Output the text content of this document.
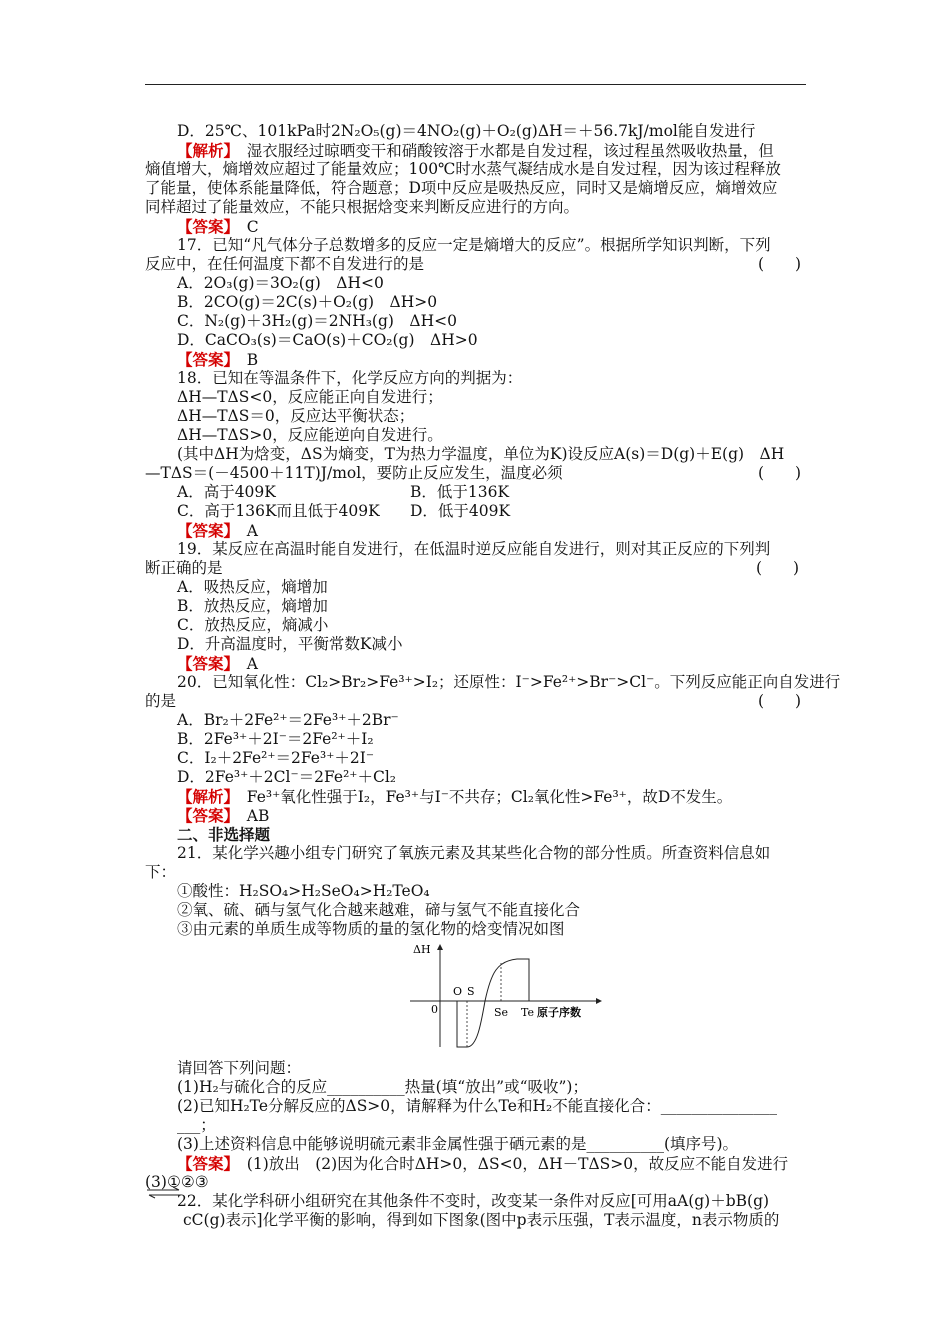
D．25℃、101kPa时2N₂O₅(g)＝4NO₂(g)＋O₂(g)ΔH＝＋56.7kJ/mol能自发进行
【解析】　 湿衣服经过晾晒变干和硝酸铵溶于水都是自发过程，该过程虽然吸收热量，但
熵值增大，熵增效应超过了能量效应；100℃时水蒸气凝结成水是自发过程，因为该过程释放
了能量，使体系能量降低，符合题意；D项中反应是吸热反应，同时又是熵增反应，熵增效应
同样超过了能量效应，不能只根据焓变来判断反应进行的方向。
【答案】　 C
17．已知“凡气体分子总数增多的反应一定是熵增大的反应”。根据所学知识判断，下列
(　　)
反应中，在任何温度下都不自发进行的是
A．2O₃(g)＝3O₂(g)　ΔH<0
B．2CO(g)＝2C(s)＋O₂(g)　ΔH>0
C．N₂(g)＋3H₂(g)＝2NH₃(g)　ΔH<0
D．CaCO₃(s)＝CaO(s)＋CO₂(g)　ΔH>0
【答案】　 B
18．已知在等温条件下，化学反应方向的判据为：
ΔH—TΔS<0，反应能正向自发进行；
ΔH—TΔS＝0，反应达平衡状态；
ΔH—TΔS>0，反应能逆向自发进行。
(其中ΔH为焓变，ΔS为熵变，T为热力学温度，单位为K)设反应A(s)＝D(g)＋E(g)　ΔH
(　　)
—TΔS＝(－4500＋11T)J/mol，要防止反应发生，温度必须
A．高于409K	B．低于136K
C．高于136K而且低于409K D．低于409K
【答案】　 A
19．某反应在高温时能自发进行，在低温时逆反应能自发进行，则对其正反应的下列判
(　　)
断正确的是
A．吸热反应，熵增加
B．放热反应，熵增加
C．放热反应，熵减小
D．升高温度时，平衡常数K减小
【答案】　 A
20．已知氧化性：Cl₂>Br₂>Fe³⁺>I₂；还原性：I⁻>Fe²⁺>Br⁻>Cl⁻。下列反应能正向自发进行
(　　)
的是
A．Br₂＋2Fe²⁺＝2Fe³⁺＋2Br⁻
B．2Fe³⁺＋2I⁻＝2Fe²⁺＋I₂
C．I₂＋2Fe²⁺＝2Fe³⁺＋2I⁻
D．2Fe³⁺＋2Cl⁻＝2Fe²⁺＋Cl₂
【解析】　 Fe³⁺氧化性强于I₂，Fe³⁺与I⁻不共存；Cl₂氧化性>Fe³⁺，故D不发生。
【答案】　 AB
二、非选择题
21．某化学兴趣小组专门研究了氧族元素及其某些化合物的部分性质。所查资料信息如
下：
①酸性：H₂SO₄>H₂SeO₄>H₂TeO₄
②氧、硫、硒与氢气化合越来越难，碲与氢气不能直接化合
③由元素的单质生成等物质的量的氢化物的焓变情况如图
ΔH
0
O S
Se Te 原子序数
请回答下列问题：
(1)H₂与硫化合的反应__________热量(填“放出”或“吸收”)；
(2)已知H₂Te分解反应的ΔS>0，请解释为什么Te和H₂不能直接化合：_______________
___；
(3)上述资料信息中能够说明硫元素非金属性强于硒元素的是__________(填序号)。
【答案】　 (1)放出　(2)因为化合时ΔH>0，ΔS<0，ΔH－TΔS>0，故反应不能自发进行
(3)①②③
22．某化学科研小组研究在其他条件不变时，改变某一条件对反应[可用aA(g)＋bB(g)
cC(g)表示]化学平衡的影响，得到如下图象(图中p表示压强，T表示温度，n表示物质的
